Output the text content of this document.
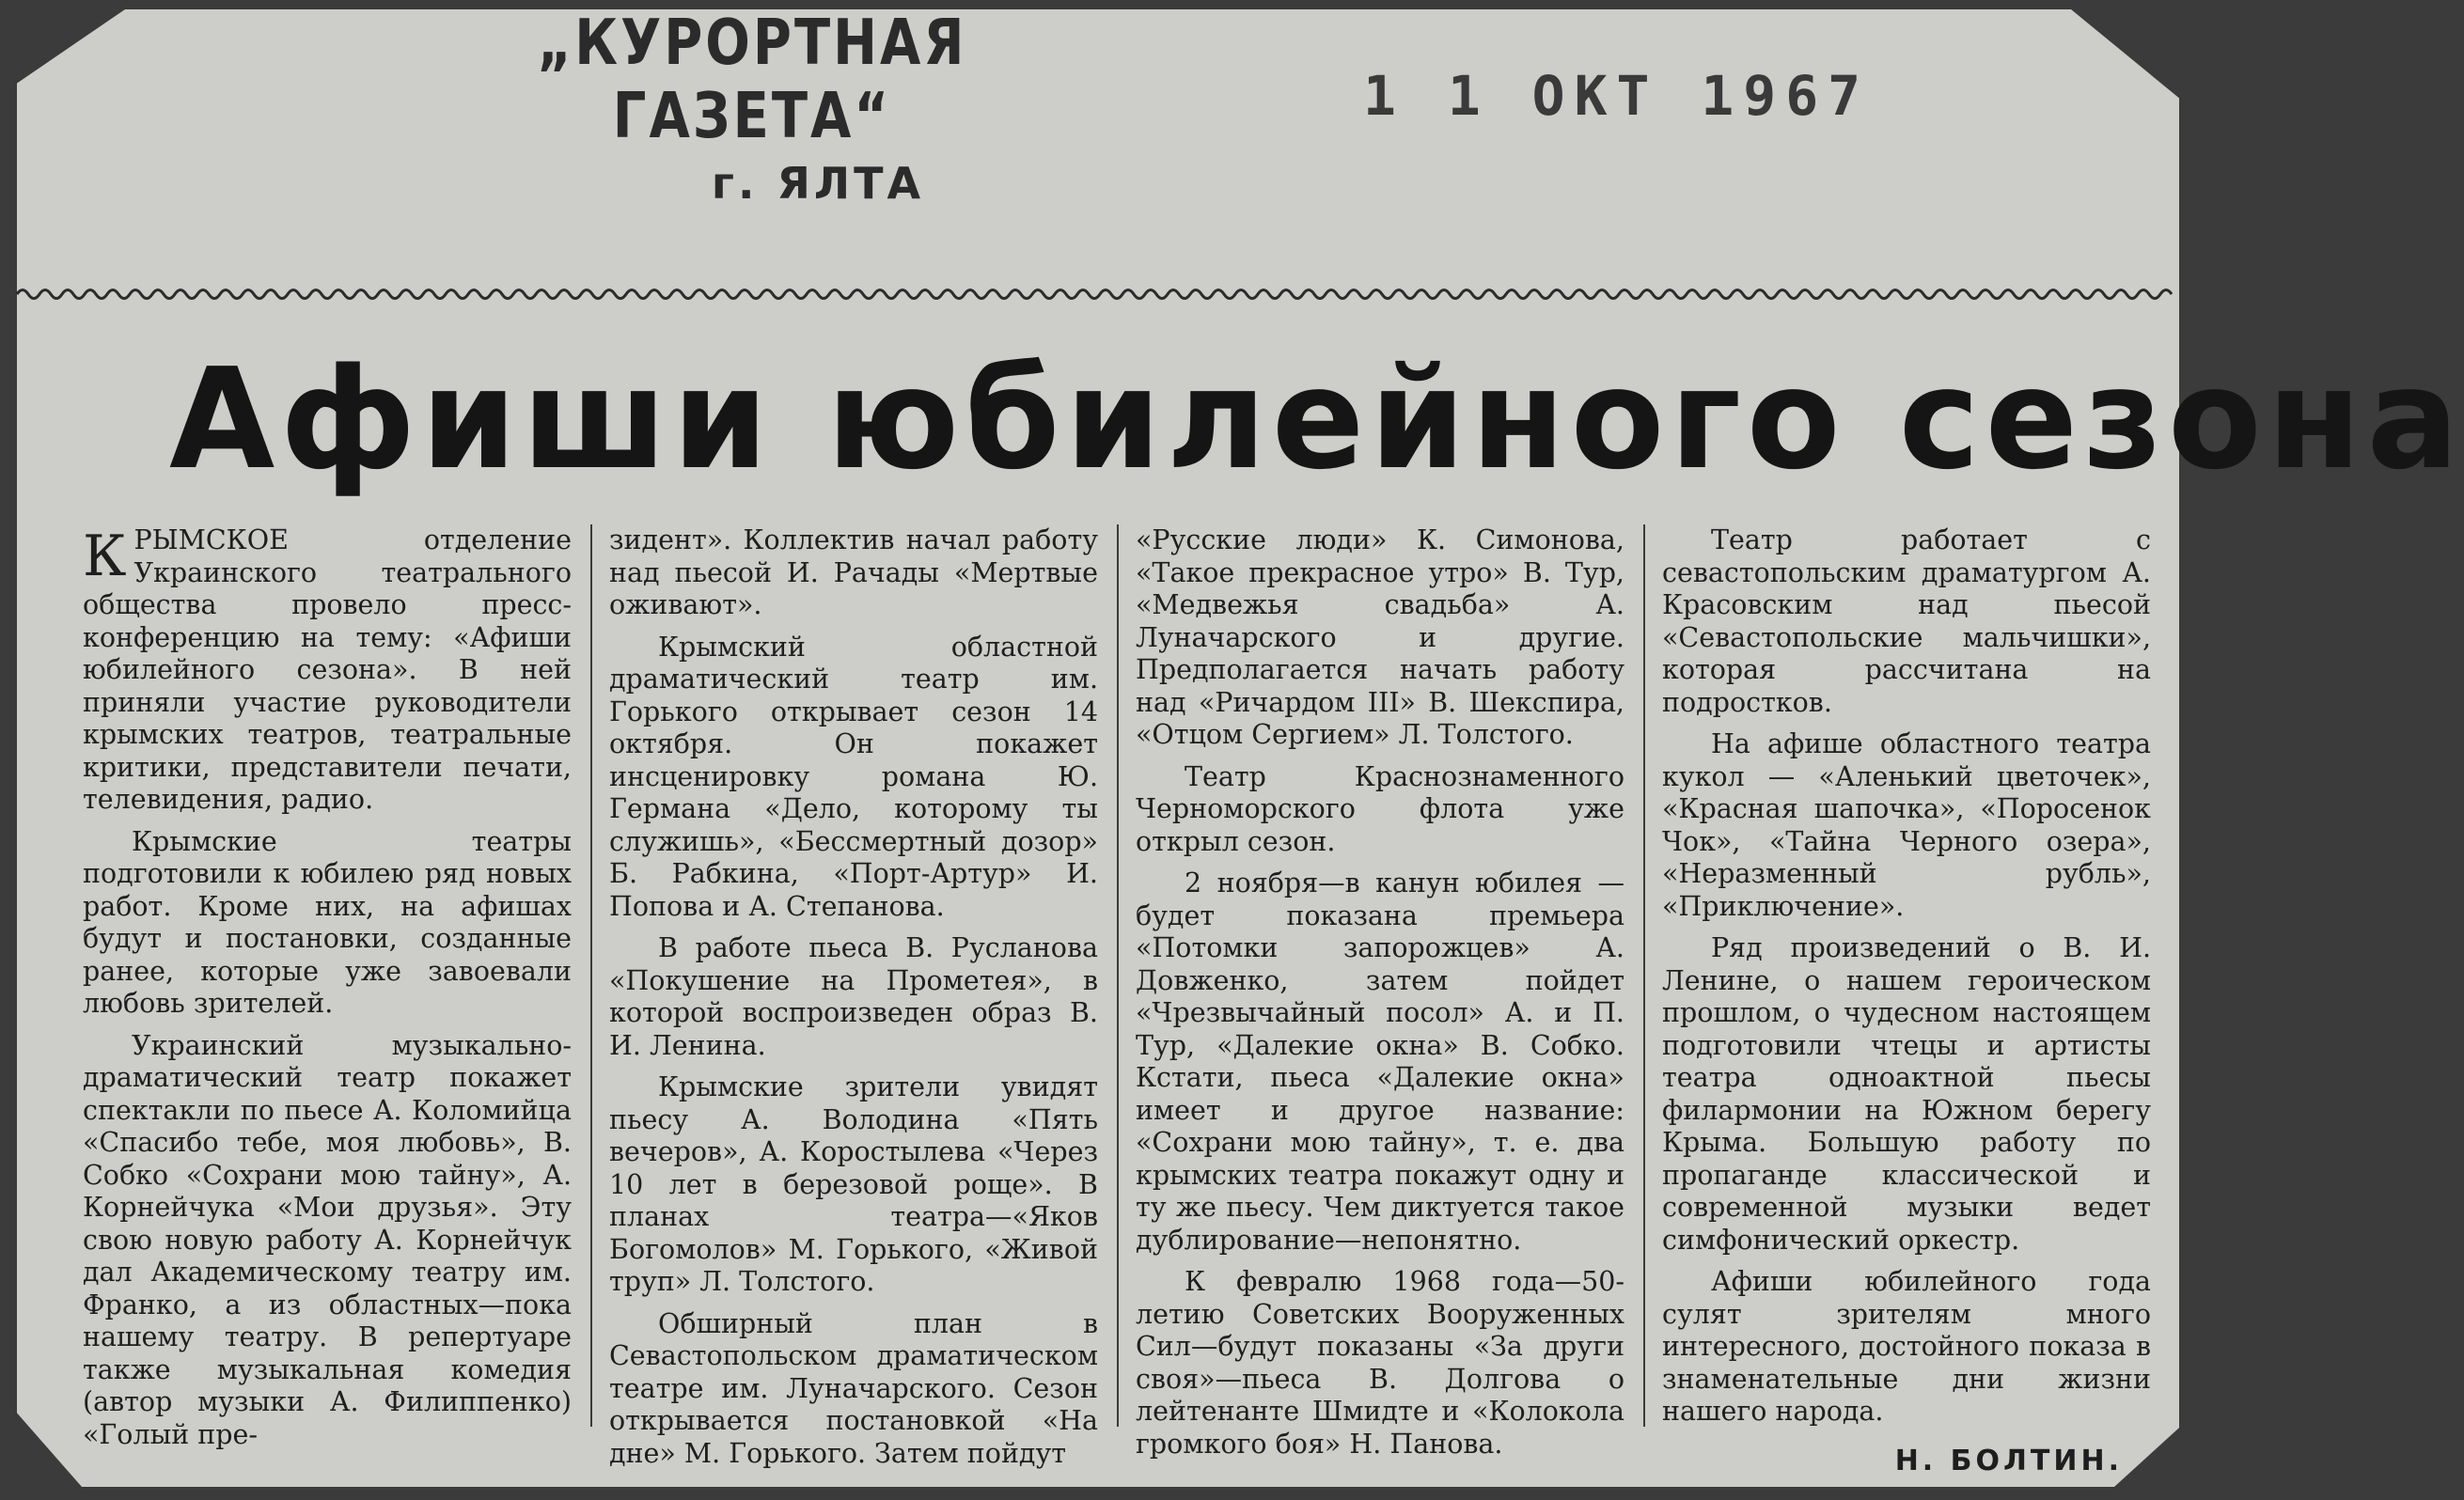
„КУРОРТНАЯ ГАЗЕТА“
г. ЯЛТА
1 1 ОКТ 1967
Афиши юбилейного сезона

КРЫМСКОЕ отделение Украинского театрального общества провело пресс-конференцию на тему: «Афиши юбилейного сезона». В ней приняли участие руководители крымских театров, театральные критики, представители печати, телевидения, радио.

Крымские театры подготовили к юбилею ряд новых работ. Кроме них, на афишах будут и постановки, созданные ранее, которые уже завоевали любовь зрителей.

Украинский музыкально-драматический театр покажет спектакли по пьесе А. Коломийца «Спасибо тебе, моя любовь», В. Собко «Сохрани мою тайну», А. Корнейчука «Мои друзья». Эту свою новую работу А. Корнейчук дал Академическому театру им. Франко, а из областных—пока нашему театру. В репертуаре также музыкальная комедия (автор музыки А. Филиппенко) «Голый пре-

зидент». Коллектив начал работу над пьесой И. Рачады «Мертвые оживают».

Крымский областной драматический театр им. Горького открывает сезон 14 октября. Он покажет инсценировку романа Ю. Германа «Дело, которому ты служишь», «Бессмертный дозор» Б. Рабкина, «Порт-Артур» И. Попова и А. Степанова.

В работе пьеса В. Русланова «Покушение на Прометея», в которой воспроизведен образ В. И. Ленина.

Крымские зрители увидят пьесу А. Володина «Пять вечеров», А. Коростылева «Через 10 лет в березовой роще». В планах театра—«Яков Богомолов» М. Горького, «Живой труп» Л. Толстого.

Обширный план в Севастопольском драматическом театре им. Луначарского. Сезон открывается постановкой «На дне» М. Горького. Затем пойдут

«Русские люди» К. Симонова, «Такое прекрасное утро» В. Тур, «Медвежья свадьба» А. Луначарского и другие. Предполагается начать работу над «Ричардом III» В. Шекспира, «Отцом Сергием» Л. Толстого.

Театр Краснознаменного Черноморского флота уже открыл сезон.

2 ноября—в канун юбилея — будет показана премьера «Потомки запорожцев» А. Довженко, затем пойдет «Чрезвычайный посол» А. и П. Тур, «Далекие окна» В. Собко. Кстати, пьеса «Далекие окна» имеет и другое название: «Сохрани мою тайну», т. е. два крымских театра покажут одну и ту же пьесу. Чем диктуется такое дублирование—непонятно.

К февралю 1968 года—50-летию Советских Вооруженных Сил—будут показаны «За други своя»—пьеса В. Долгова о лейтенанте Шмидте и «Колокола громкого боя» Н. Панова.

Театр работает с севастопольским драматургом А. Красовским над пьесой «Севастопольские мальчишки», которая рассчитана на подростков.

На афише областного театра кукол — «Аленький цветочек», «Красная шапочка», «Поросенок Чок», «Тайна Черного озера», «Неразменный рубль», «Приключение».

Ряд произведений о В. И. Ленине, о нашем героическом прошлом, о чудесном настоящем подготовили чтецы и артисты театра одноактной пьесы филармонии на Южном берегу Крыма. Большую работу по пропаганде классической и современной музыки ведет симфонический оркестр.

Афиши юбилейного года сулят зрителям много интересного, достойного показа в знаменательные дни жизни нашего народа.

Н. БОЛТИН.
